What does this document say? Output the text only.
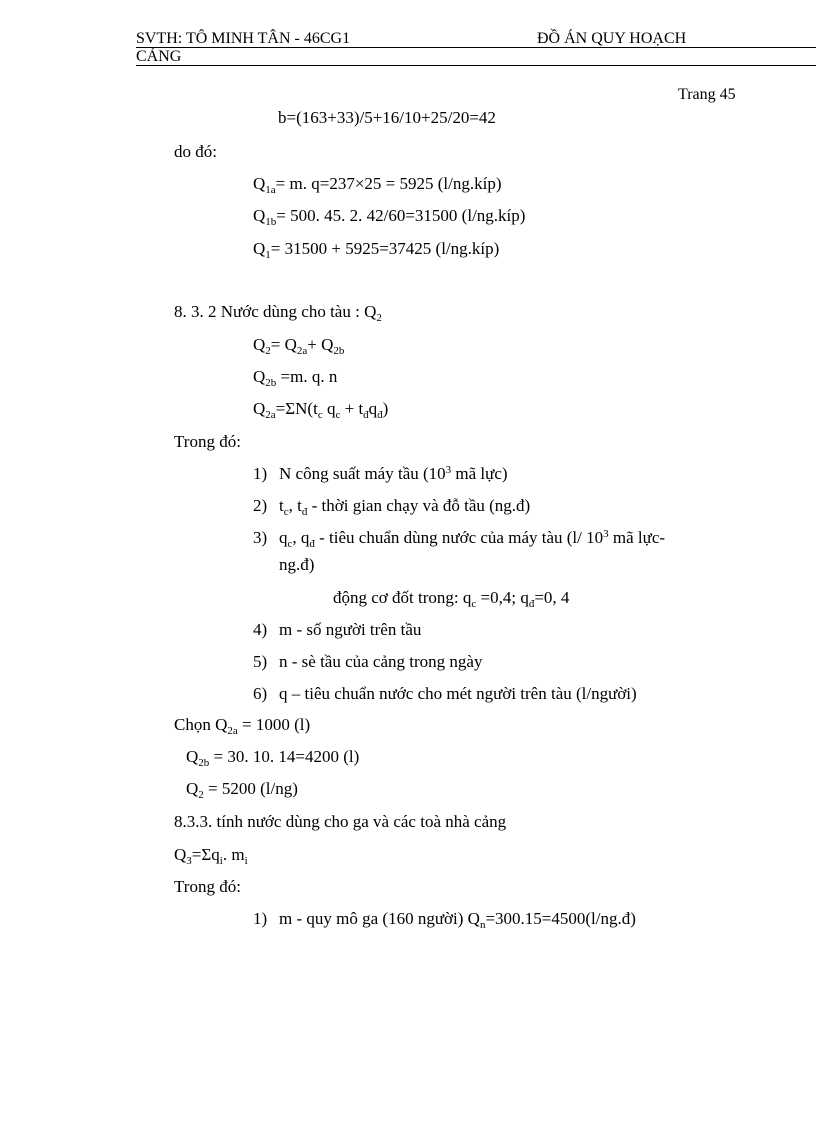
SVTH: TÔ MINH TÂN - 46CG1	ĐỒ ÁN QUY HOẠCH
CẢNG
Trang 45
b=(163+33)/5+16/10+25/20=42
do đó:
$Q_{1a}= m$. q=237×25 = 5925 (l/ng.kíp)
$Q_{1b}= 500$. 45. 2. 42/60=31500 (l/ng.kíp)
$Q_1= 31500 + 5925=37425$ (l/ng.kíp)
8. 3. 2 Nước dùng cho tàu : $Q_2$
$Q_2= Q_{2a}+ Q_{2b}$
$Q_{2b} =m$. q. n
$Q_{2a}=\Sigma N(t_c$ $q_c + t_đq_đ$)
Trong đó:
1) N công suất máy tầu ($10^3$ mã lực)
2) $t_c$, $t_đ$ - thời gian chạy và đỗ tầu (ng.đ)
3) $q_c$, $q_đ$ - tiêu chuẩn dùng nước của máy tàu (l/ $10^3$ mã lực-
ng.đ)
động cơ đốt trong: $q_c =0,4$; $q_đ=0$, 4
4) m - số người trên tầu
5) n - sè tầu của cảng trong ngày
6) q – tiêu chuẩn nước cho mét người trên tàu (l/người)
Chọn $Q_{2a} = 1000$ (l)
$Q_{2b} = 30$. 10. 14=4200 (l)
$Q_2 = 5200$ (l/ng)
8.3.3. tính nước dùng cho ga và các toà nhà cảng
$Q_3=\Sigma q_i$. $m_i$
Trong đó:
1) m - quy mô ga (160 người) $Q_n=300.15=4500(l/ng.đ)$
